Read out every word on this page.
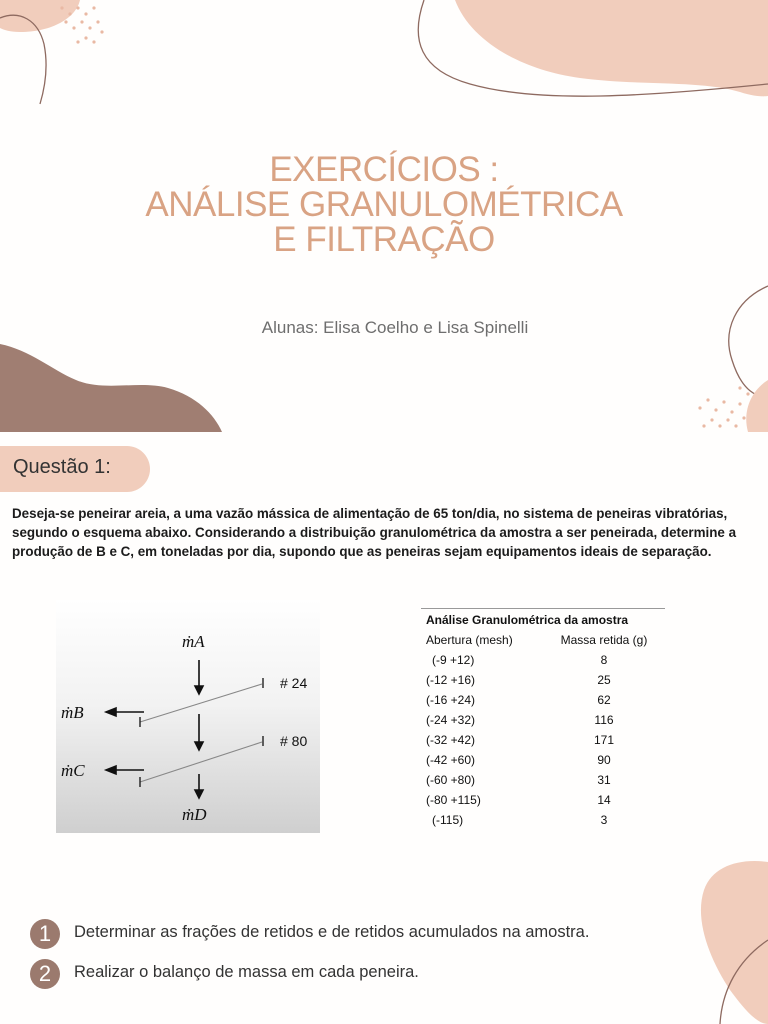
EXERCÍCIOS :
ANÁLISE GRANULOMÉTRICA
E FILTRAÇÃO
Alunas: Elisa Coelho e Lisa Spinelli
Questão 1:
Deseja-se peneirar areia, a uma vazão mássica de alimentação de 65 ton/dia, no sistema de peneiras vibratórias, segundo o esquema abaixo. Considerando a distribuição granulométrica da amostra a ser peneirada, determine a produção de B e C, em toneladas por dia, supondo que as peneiras sejam equipamentos ideais de separação.
ṁA
ṁB
ṁC
ṁD
# 24
# 80
Análise Granulométrica da amostra
Abertura (mesh)
(-9 +12)
(-12 +16)
(-16 +24)
(-24 +32)
(-32 +42)
(-42 +60)
(-60 +80)
(-80 +115)
(-115)
Massa retida (g)
8
25
62
116
171
90
31
14
3
1	Determinar as frações de retidos e de retidos acumulados na amostra.
2	Realizar o balanço de massa em cada peneira.
